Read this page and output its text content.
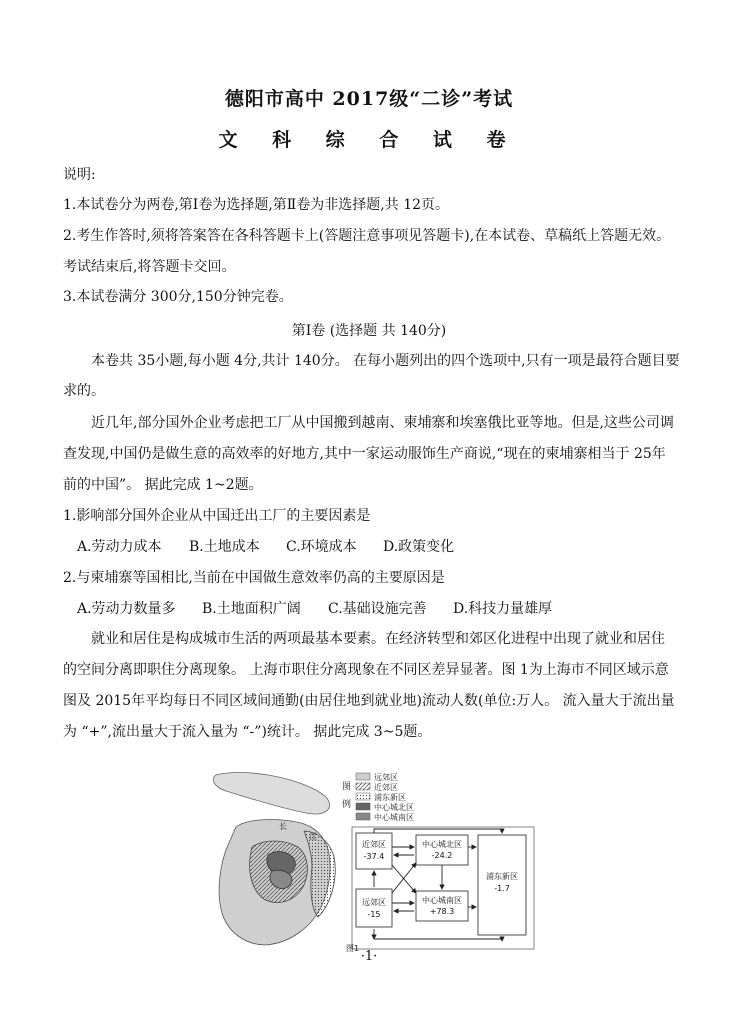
德阳市高中 2017级“二诊”考试
文 科 综 合 试 卷
说明:
1.本试卷分为两卷,第Ⅰ卷为选择题,第Ⅱ卷为非选择题,共 12页。
2.考生作答时,须将答案答在各科答题卡上(答题注意事项见答题卡),在本试卷、草稿纸上答题无效。
考试结束后,将答题卡交回。
3.本试卷满分 300分,150分钟完卷。
第Ⅰ卷 (选择题 共 140分)
本卷共 35小题,每小题 4分,共计 140分。 在每小题列出的四个选项中,只有一项是最符合题目要
求的。
近几年,部分国外企业考虑把工厂从中国搬到越南、柬埔寨和埃塞俄比亚等地。但是,这些公司调
查发现,中国仍是做生意的高效率的好地方,其中一家运动服饰生产商说,“现在的柬埔寨相当于 25年
前的中国”。 据此完成 1~2题。
1.影响部分国外企业从中国迁出工厂的主要因素是
A.劳动力成本 B.土地成本 C.环境成本 D.政策变化
2.与柬埔寨等国相比,当前在中国做生意效率仍高的主要原因是
A.劳动力数量多 B.土地面积广阔 C.基础设施完善 D.科技力量雄厚
就业和居住是构成城市生活的两项最基本要素。在经济转型和郊区化进程中出现了就业和居住
的空间分离即职住分离现象。 上海市职住分离现象在不同区差异显著。图 1为上海市不同区域示意
图及 2015年平均每日不同区域间通勤(由居住地到就业地)流动人数(单位:万人。 流入量大于流出量
为 “+”,流出量大于流入量为 “-”)统计。 据此完成 3~5题。
长
江
图
例
远郊区
近郊区
浦东新区
中心城北区
中心城南区
近郊区
-37.4
中心城北区
-24.2
远郊区
-15
中心城南区
+78.3
浦东新区
-1.7
图1
·1·
